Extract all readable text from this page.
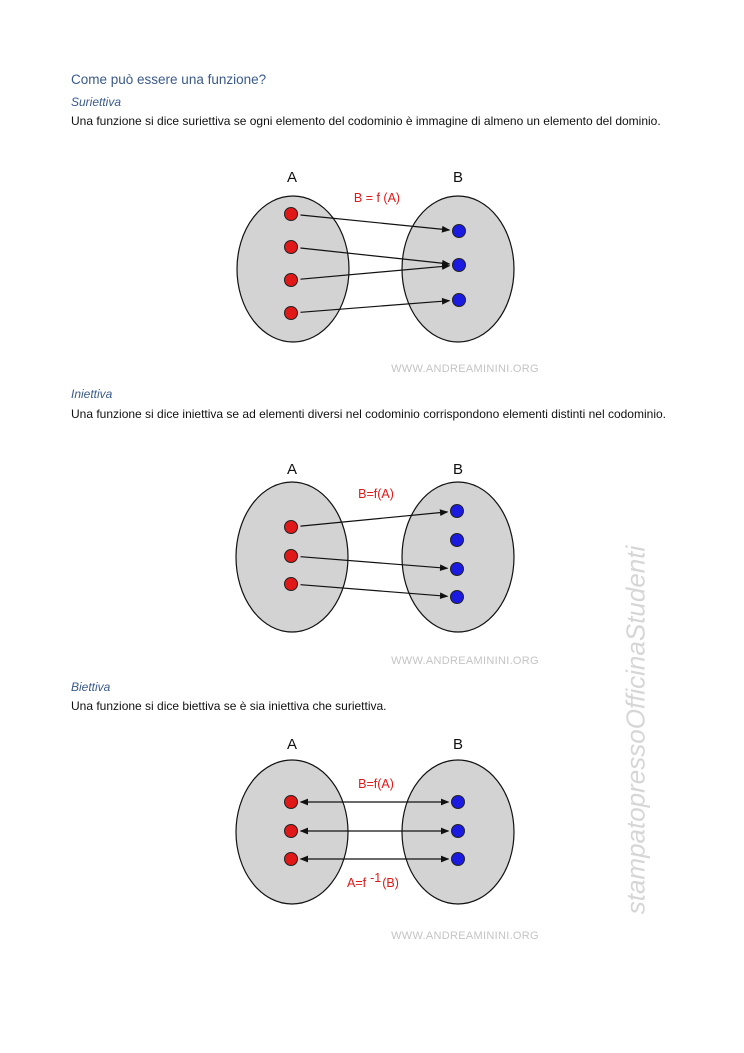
Come può essere una funzione?
Suriettiva
Una funzione si dice suriettiva se ogni elemento del codominio è immagine di almeno un elemento del dominio.
A	B
B = f (A)
WWW.ANDREAMININI.ORG
Iniettiva
Una funzione si dice iniettiva se ad elementi diversi nel codominio corrispondono elementi distinti nel codominio.
A	B
B=f(A)
WWW.ANDREAMININI.ORG
Biettiva
Una funzione si dice biettiva se è sia iniettiva che suriettiva.
A	B
B=f(A)
A=f -1(B)
WWW.ANDREAMININI.ORG
stampatopressoOfficinaStudenti
